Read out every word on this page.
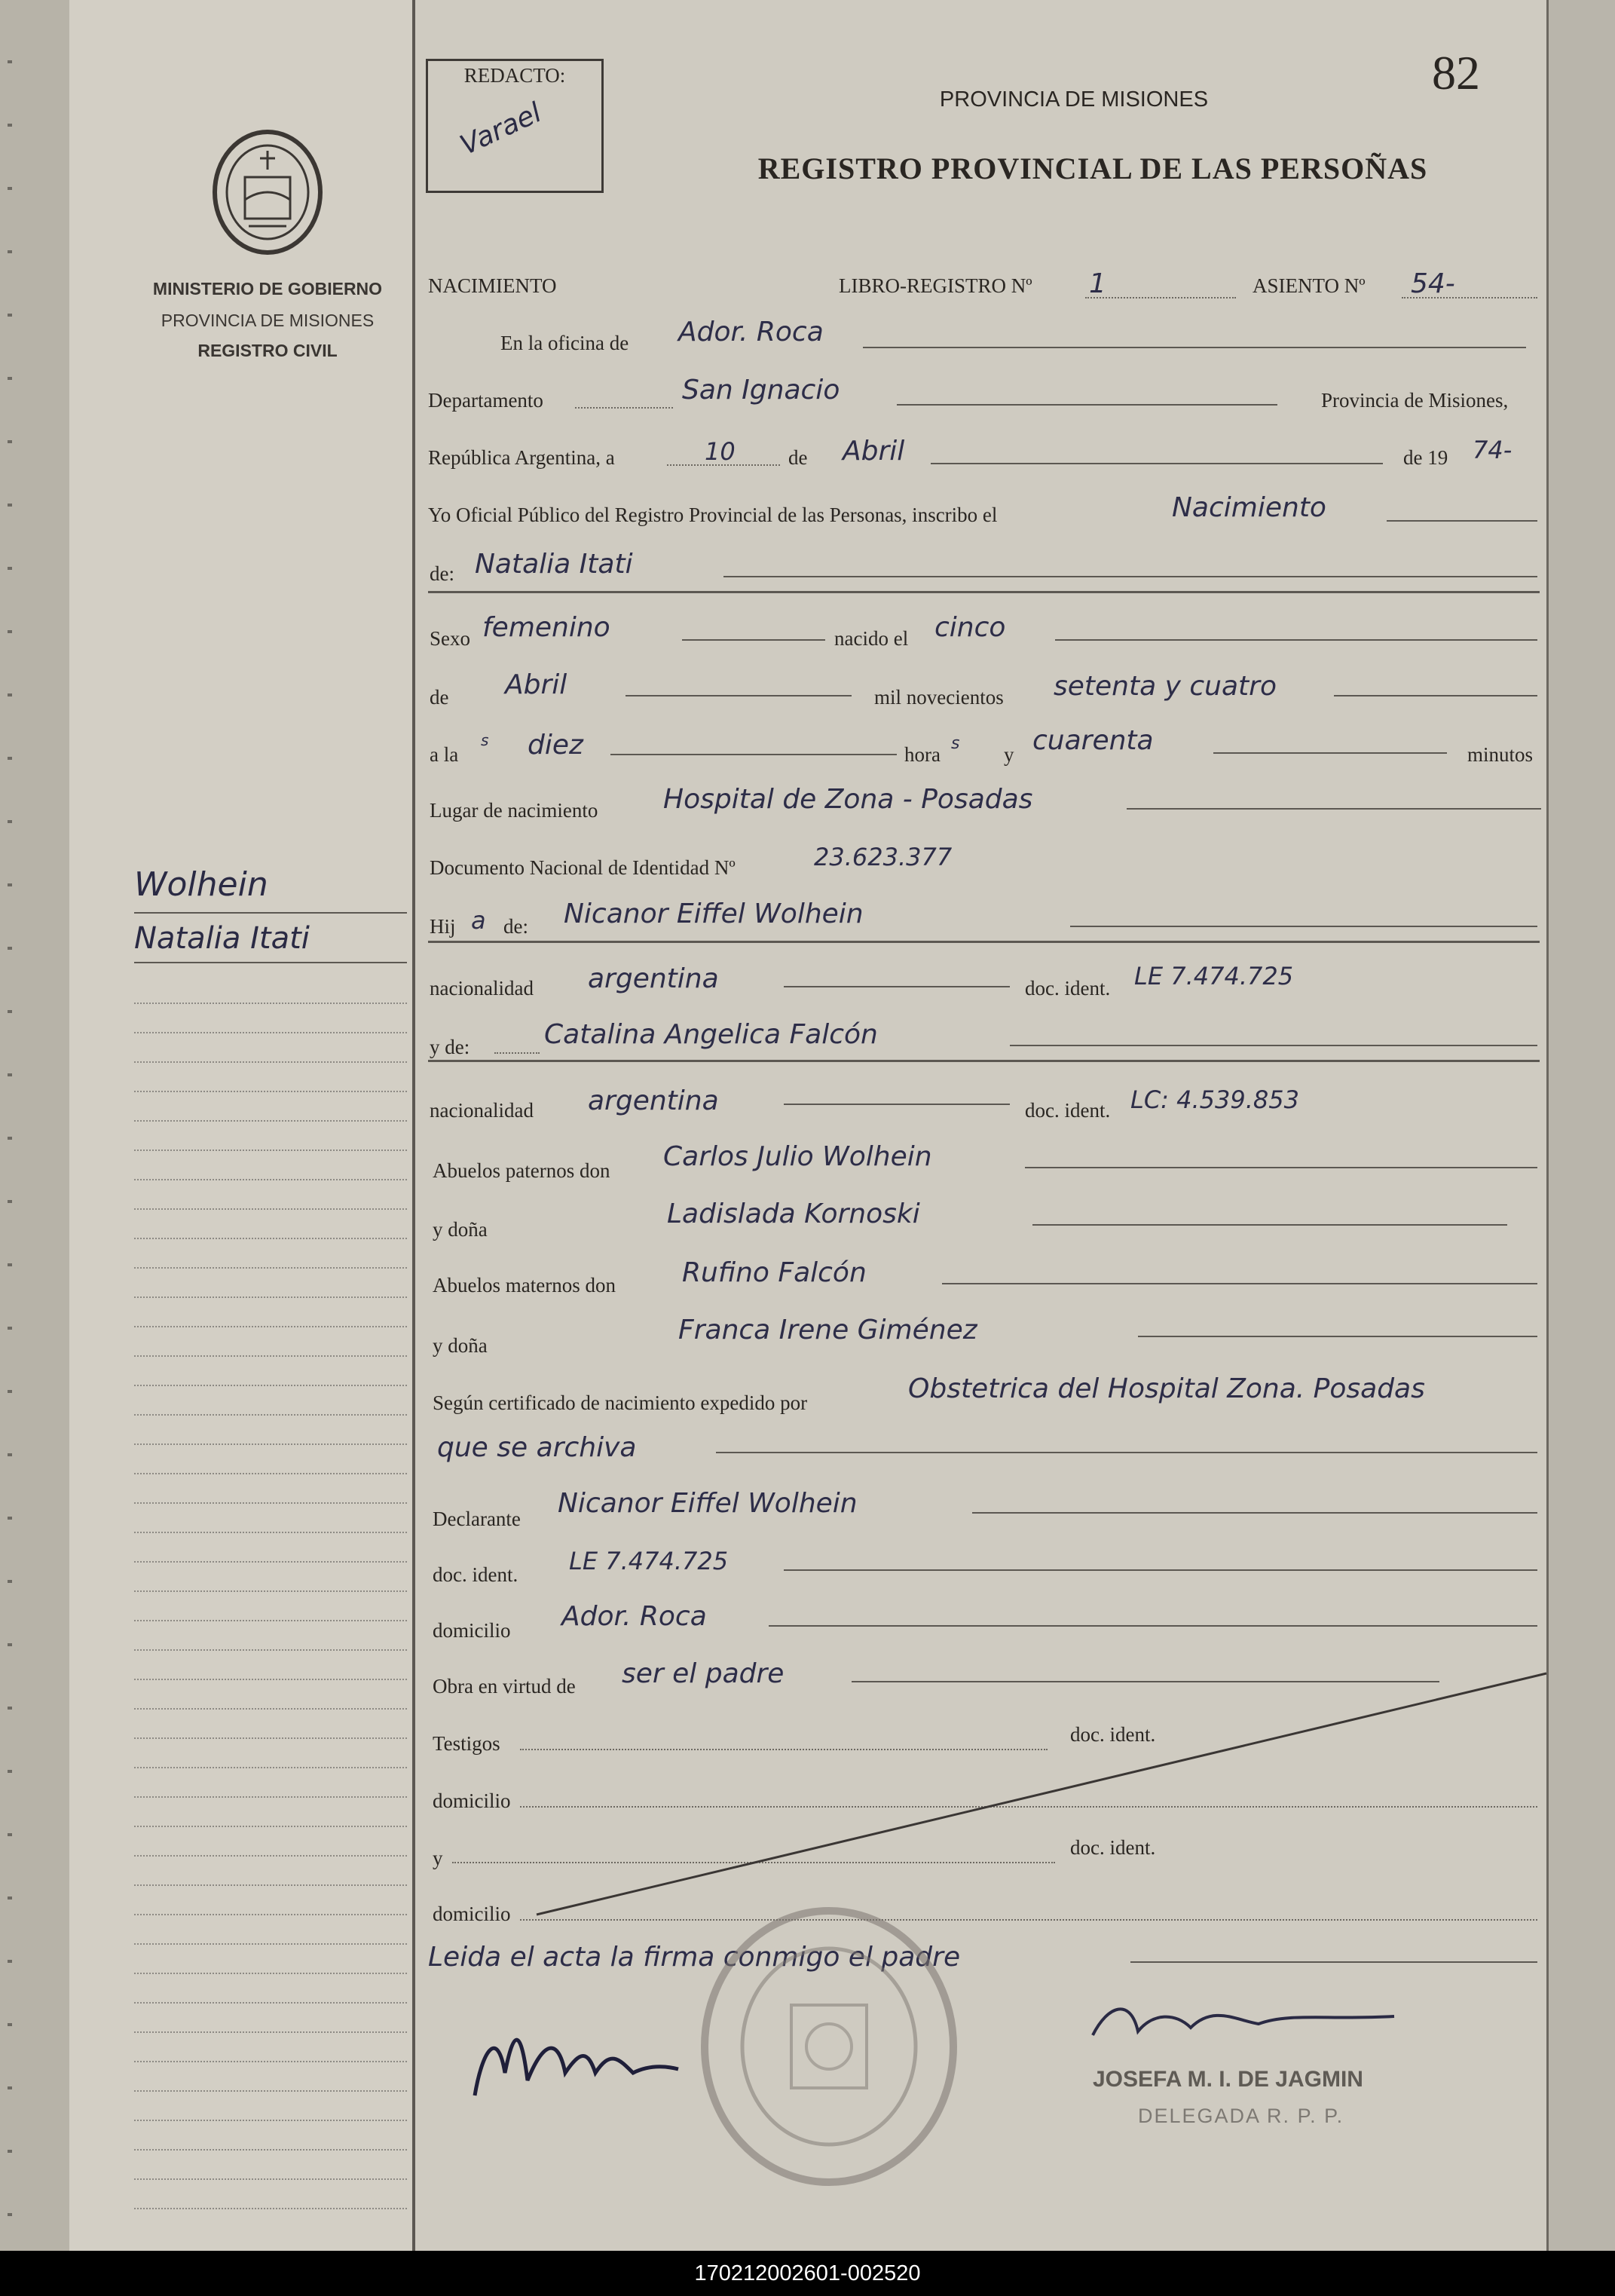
MINISTERIO DE GOBIERNO
PROVINCIA DE MISIONES
REGISTRO CIVIL
Wolhein
Natalia Itati
REDACTO:
Varael	PROVINCIA DE MISIONES
REGISTRO PROVINCIAL DE LAS PERSOÑAS
82
NACIMIENTO	LIBRO-REGISTRO Nº 1	ASIENTO Nº 54-
En la oficina de Ador. Roca
Departamento	San Ignacio	Provincia de Misiones,
República Argentina, a	10	de Abril	de 19 74-
Yo Oficial Público del Registro Provincial de las Personas, inscribo el	Nacimiento
de: Natalia Itati
Sexo femenino	nacido el cinco
de Abril	mil novecientos setenta y cuatro
a la
s diez	hora s y cuarenta	minutos
Lugar de nacimiento Hospital de Zona - Posadas
Documento Nacional de Identidad Nº	23.623.377
Hij a de: Nicanor Eiffel Wolhein
nacionalidad argentina	doc. ident. LE 7.474.725
y de:	Catalina Angelica Falcón
nacionalidad argentina	doc. ident. LC: 4.539.853
Abuelos paternos don Carlos Julio Wolhein
y doña	Ladislada Kornoski
Abuelos maternos don Rufino Falcón
y doña	Franca Irene Giménez
Según certificado de nacimiento expedido por	Obstetrica del Hospital Zona. Posadas
que se archiva
Declarante Nicanor Eiffel Wolhein
doc. ident. LE 7.474.725
domicilio Ador. Roca
Obra en virtud de ser el padre
Testigos	doc. ident.
domicilio
y	doc. ident.
domicilio
Leida el acta la firma conmigo el padre
JOSEFA M. I. DE JAGMIN
DELEGADA R. P. P.
170212002601-002520
